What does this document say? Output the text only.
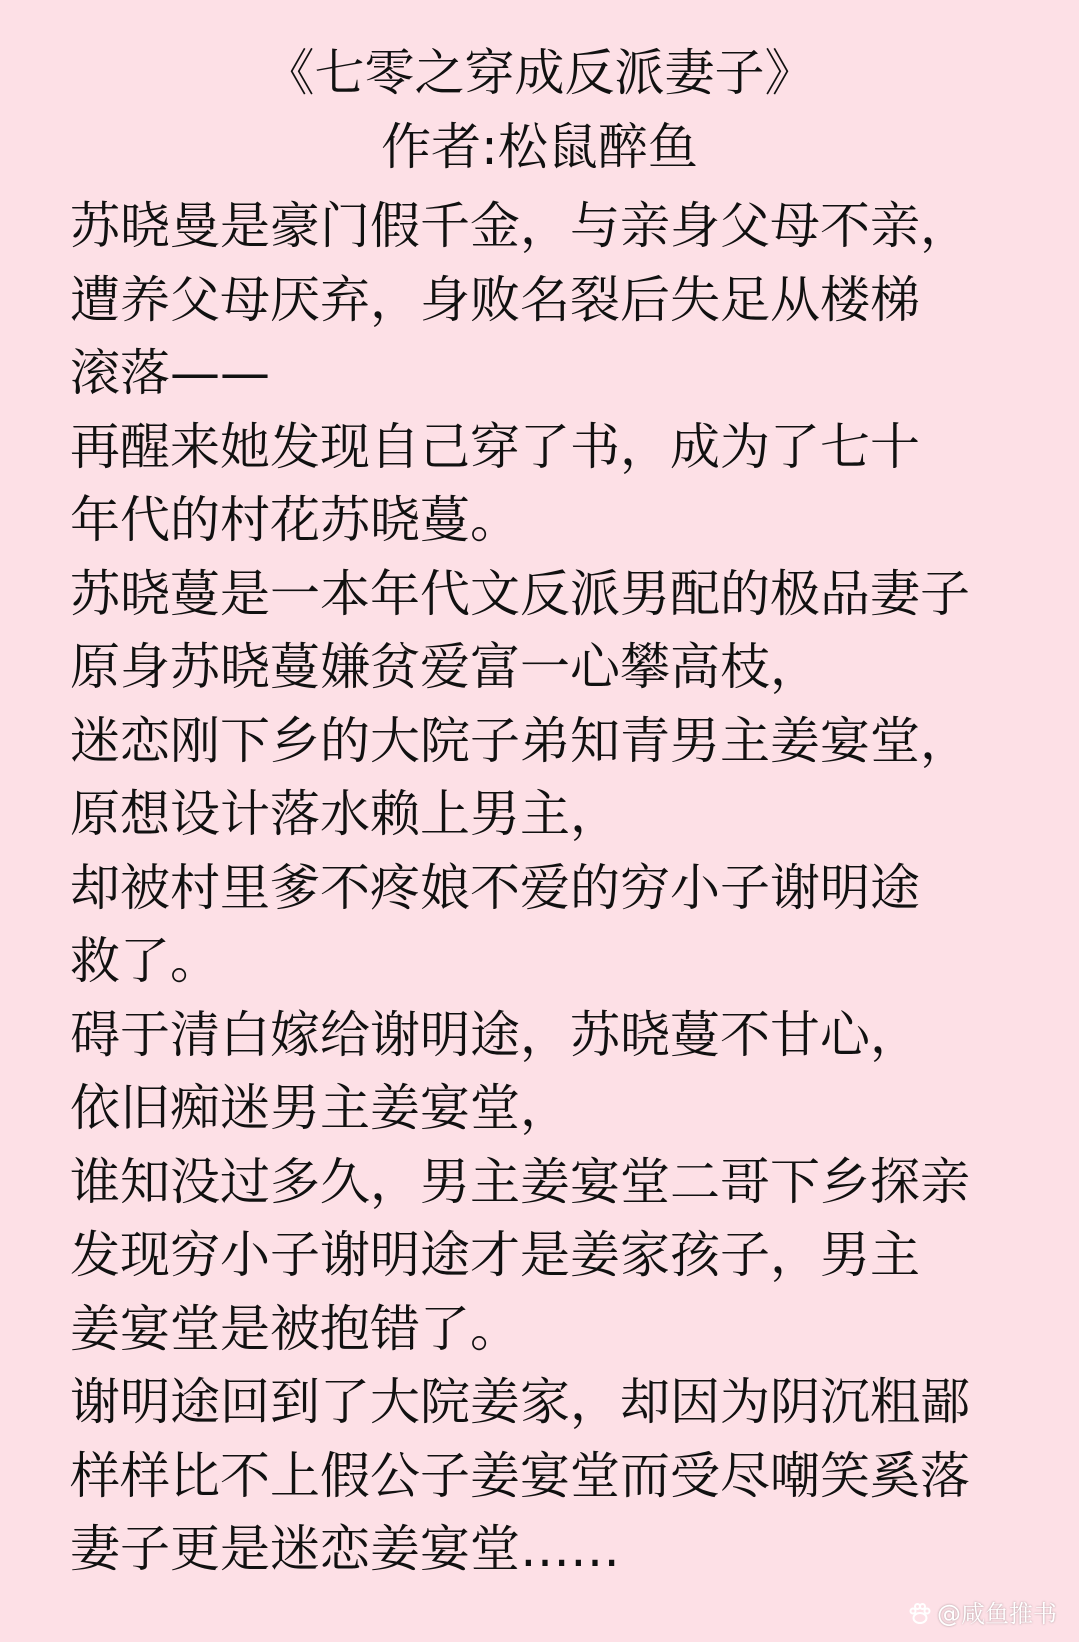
《七零之穿成反派妻子》
作者:松鼠醉鱼
苏晓曼是豪门假千金，与亲身父母不亲，
遭养父母厌弃，身败名裂后失足从楼梯
滚落——
再醒来她发现自己穿了书，成为了七十
年代的村花苏晓蔓。
苏晓蔓是一本年代文反派男配的极品妻子
原身苏晓蔓嫌贫爱富一心攀高枝，
迷恋刚下乡的大院子弟知青男主姜宴堂，
原想设计落水赖上男主，
却被村里爹不疼娘不爱的穷小子谢明途
救了。
碍于清白嫁给谢明途，苏晓蔓不甘心，
依旧痴迷男主姜宴堂，
谁知没过多久，男主姜宴堂二哥下乡探亲
发现穷小子谢明途才是姜家孩子，男主
姜宴堂是被抱错了。
谢明途回到了大院姜家，却因为阴沉粗鄙
样样比不上假公子姜宴堂而受尽嘲笑奚落
妻子更是迷恋姜宴堂……
@咸鱼推书
